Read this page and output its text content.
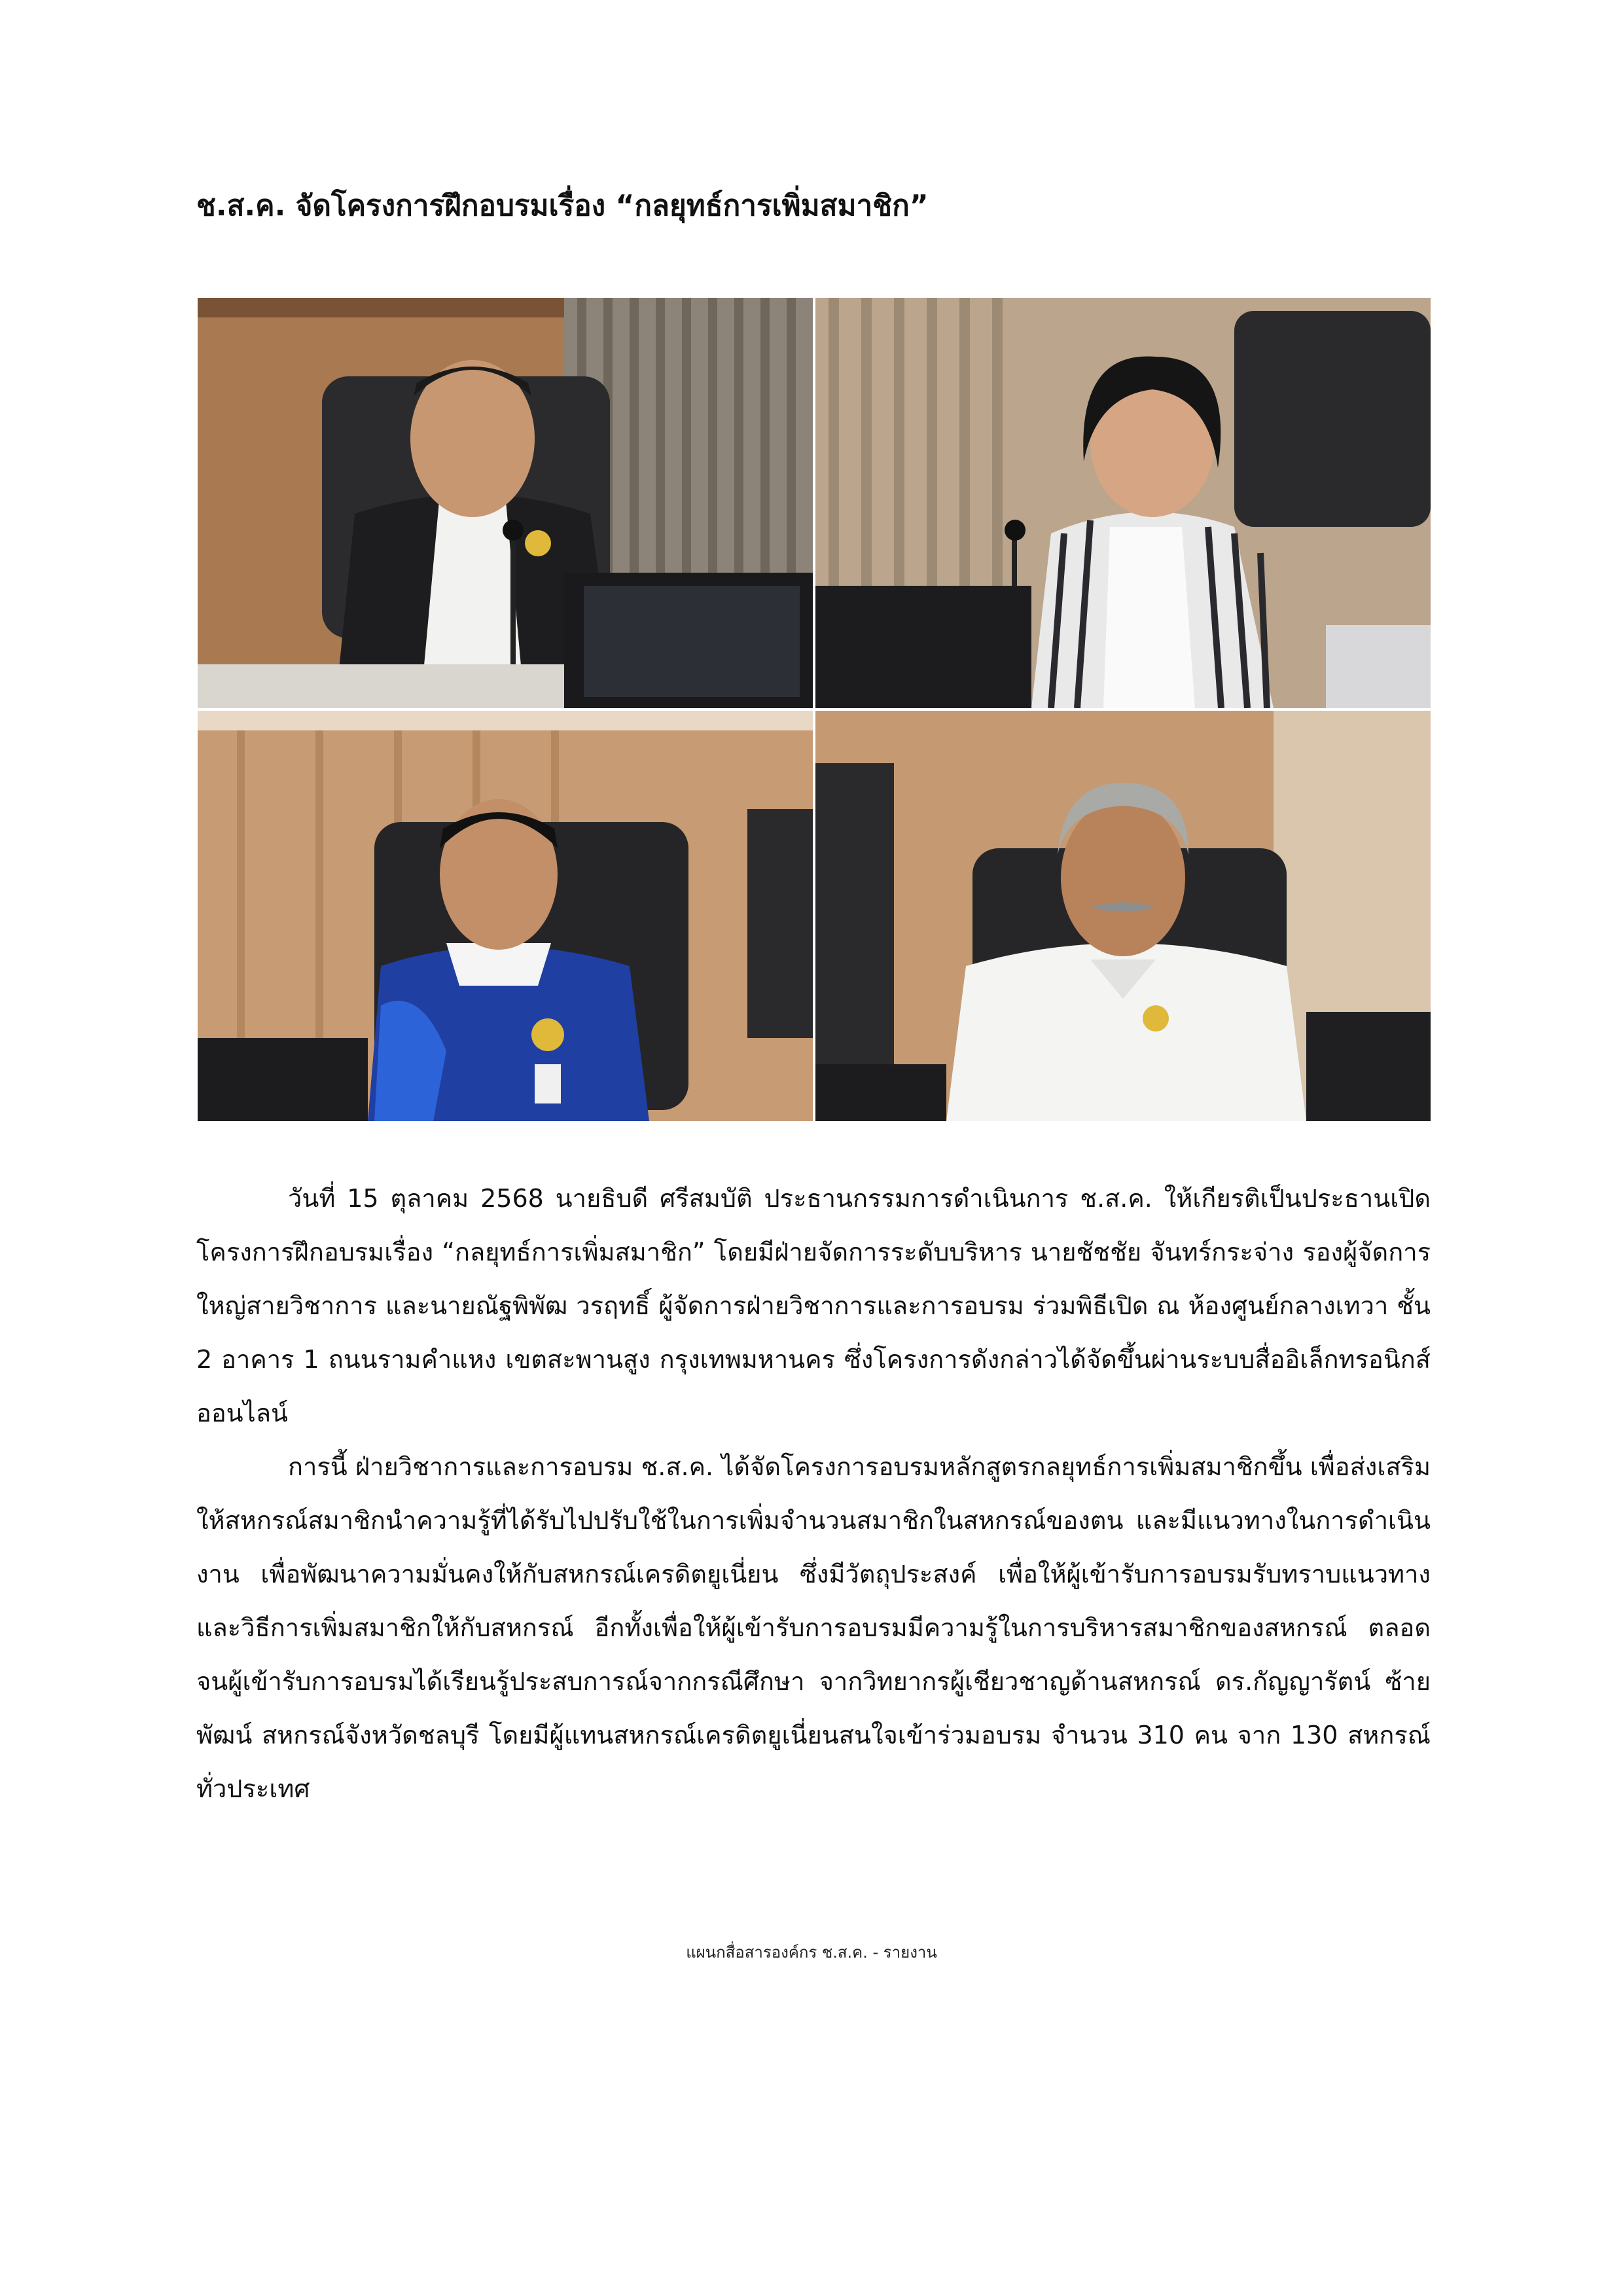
ช.ส.ค. จัดโครงการฝึกอบรมเรื่อง “กลยุทธ์การเพิ่มสมาชิก”

วันที่ 15 ตุลาคม 2568 นายธิบดี ศรีสมบัติ ประธานกรรมการดำเนินการ ช.ส.ค. ให้เกียรติเป็นประธานเปิดโครงการฝึกอบรมเรื่อง “กลยุทธ์การเพิ่มสมาชิก” โดยมีฝ่ายจัดการระดับบริหาร นายชัชชัย จันทร์กระจ่าง รองผู้จัดการใหญ่สายวิชาการ และนายณัฐพิพัฒ วรฤทธิ์ ผู้จัดการฝ่ายวิชาการและการอบรม ร่วมพิธีเปิด ณ ห้องศูนย์กลางเทวา ชั้น 2 อาคาร 1 ถนนรามคำแหง เขตสะพานสูง กรุงเทพมหานคร ซึ่งโครงการดังกล่าวได้จัดขึ้นผ่านระบบสื่ออิเล็กทรอนิกส์ออนไลน์

การนี้ ฝ่ายวิชาการและการอบรม ช.ส.ค. ได้จัดโครงการอบรมหลักสูตรกลยุทธ์การเพิ่มสมาชิกขึ้น เพื่อส่งเสริมให้สหกรณ์สมาชิกนำความรู้ที่ได้รับไปปรับใช้ในการเพิ่มจำนวนสมาชิกในสหกรณ์ของตน และมีแนวทางในการดำเนินงาน เพื่อพัฒนาความมั่นคงให้กับสหกรณ์เครดิตยูเนี่ยน ซึ่งมีวัตถุประสงค์ เพื่อให้ผู้เข้ารับการอบรมรับทราบแนวทางและวิธีการเพิ่มสมาชิกให้กับสหกรณ์ อีกทั้งเพื่อให้ผู้เข้ารับการอบรมมีความรู้ในการบริหารสมาชิกของสหกรณ์ ตลอดจนผู้เข้ารับการอบรมได้เรียนรู้ประสบการณ์จากกรณีศึกษา จากวิทยากรผู้เชียวชาญด้านสหกรณ์ ดร.กัญญารัตน์ ซ้ายพัฒน์ สหกรณ์จังหวัดชลบุรี โดยมีผู้แทนสหกรณ์เครดิตยูเนี่ยนสนใจเข้าร่วมอบรม จำนวน 310 คน จาก 130 สหกรณ์ทั่วประเทศ

แผนกสื่อสารองค์กร ช.ส.ค. - รายงาน
